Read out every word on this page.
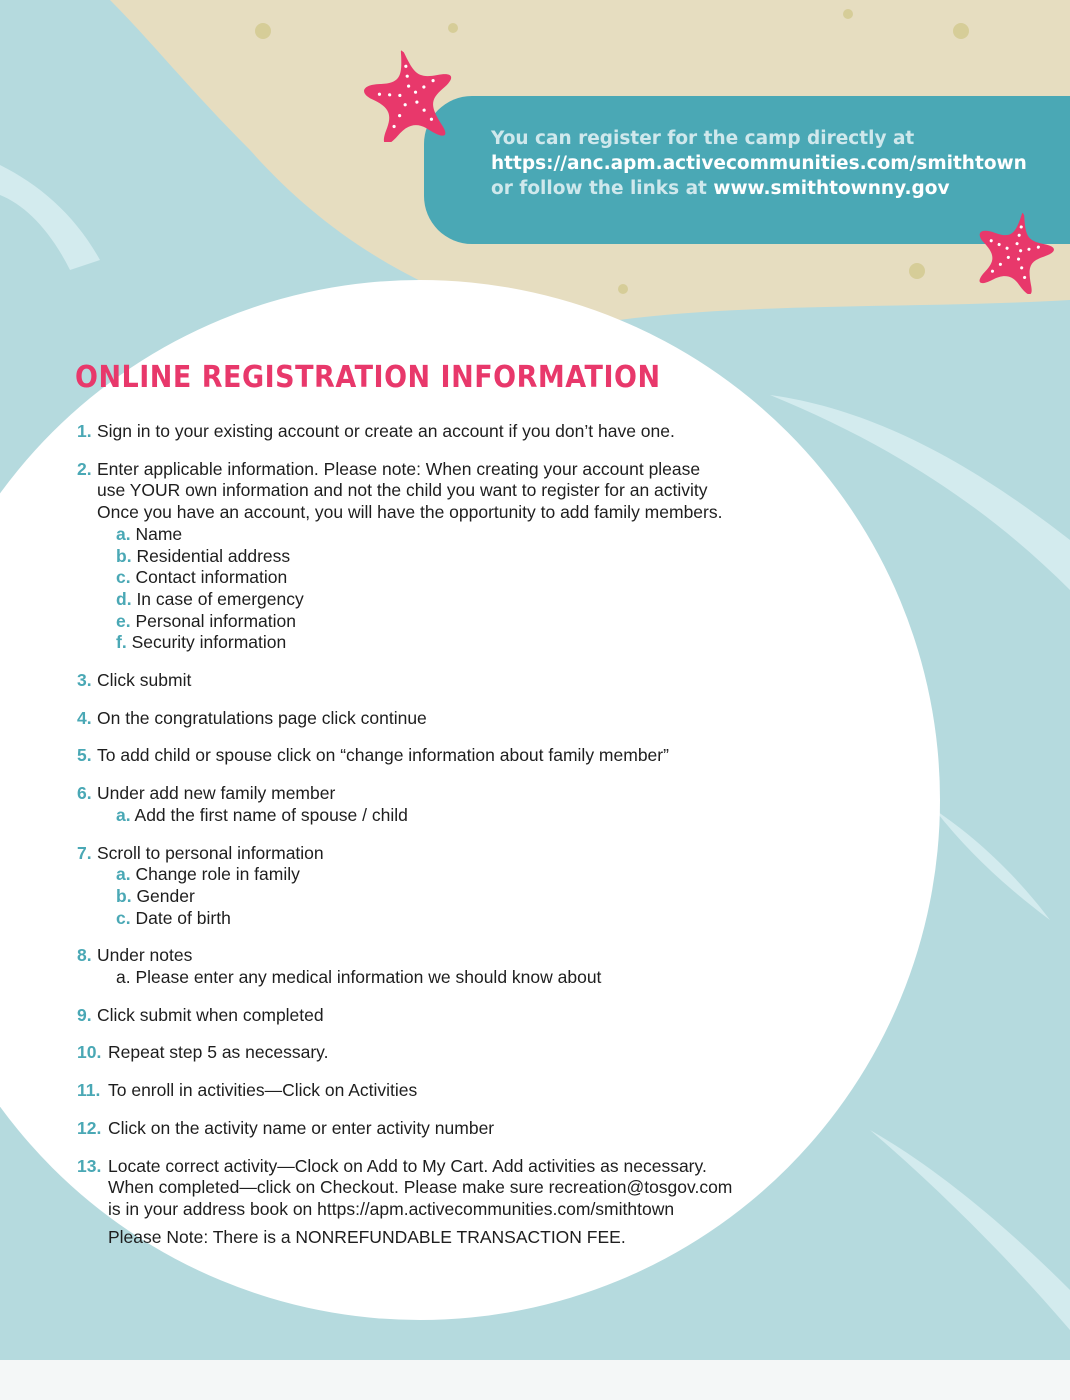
You can register for the camp directly at
https://anc.apm.activecommunities.com/smithtown
or follow the links at www.smithtownny.gov
ONLINE REGISTRATION INFORMATION
1. Sign in to your existing account or create an account if you don’t have one.
2. Enter applicable information. Please note: When creating your account please
use YOUR own information and not the child you want to register for an activity
Once you have an account, you will have the opportunity to add family members.
a. Name
b. Residential address
c. Contact information
d. In case of emergency
e. Personal information
f. Security information
3. Click submit
4. On the congratulations page click continue
5. To add child or spouse click on “change information about family member”
6. Under add new family member
a. Add the first name of spouse / child
7. Scroll to personal information
a. Change role in family
b. Gender
c. Date of birth
8. Under notes
a. Please enter any medical information we should know about
9. Click submit when completed
10. Repeat step 5 as necessary.
11. To enroll in activities—Click on Activities
12. Click on the activity name or enter activity number
13. Locate correct activity—Clock on Add to My Cart. Add activities as necessary.
When completed—click on Checkout. Please make sure recreation@tosgov.com
is in your address book on https://apm.activecommunities.com/smithtown
Please Note: There is a NONREFUNDABLE TRANSACTION FEE.
